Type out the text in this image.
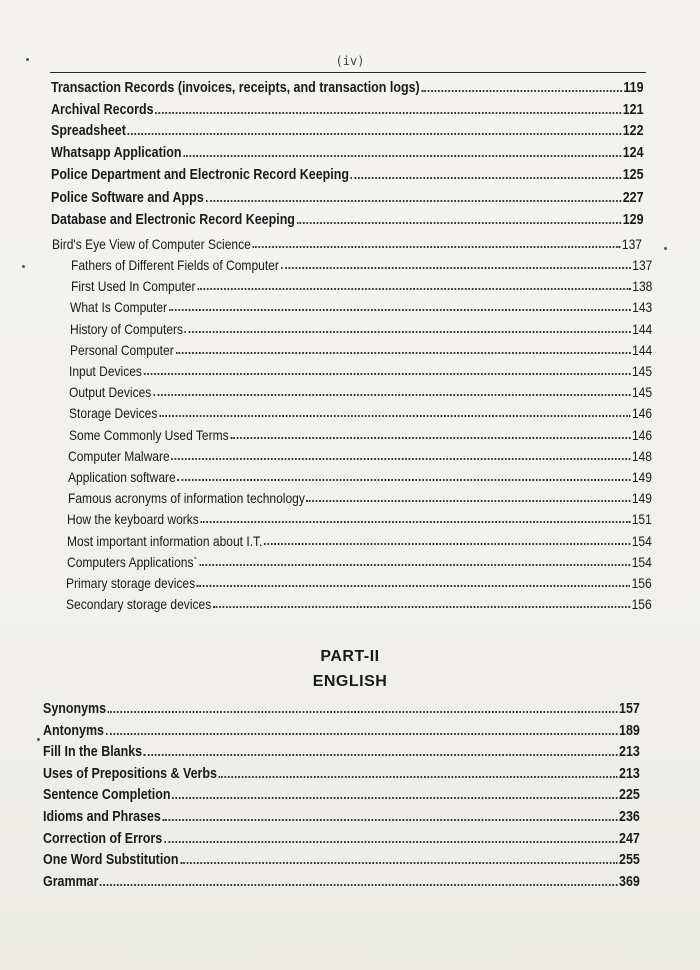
(iv)
Transaction Records (invoices, receipts, and transaction logs)	119
Archival Records	121
Spreadsheet	122
Whatsapp Application	124
Police Department and Electronic Record Keeping	125
Police Software and Apps	227
Database and Electronic Record Keeping	129
Bird's Eye View of Computer Science	137
Fathers of Different Fields of Computer	137
First Used In Computer	138
What Is Computer	143
History of Computers	144
Personal Computer	144
Input Devices	145
Output Devices	145
Storage Devices	146
Some Commonly Used Terms	146
Computer Malware	148
Application software	149
Famous acronyms of information technology	149
How the keyboard works	151
Most important information about I.T.	154
Computers Applications`	154
Primary storage devices	156
Secondary storage devices	156
PART-II
ENGLISH
Synonyms	157
Antonyms	189
Fill In the Blanks	213
Uses of Prepositions & Verbs	213
Sentence Completion	225
Idioms and Phrases	236
Correction of Errors	247
One Word Substitution	255
Grammar	369
